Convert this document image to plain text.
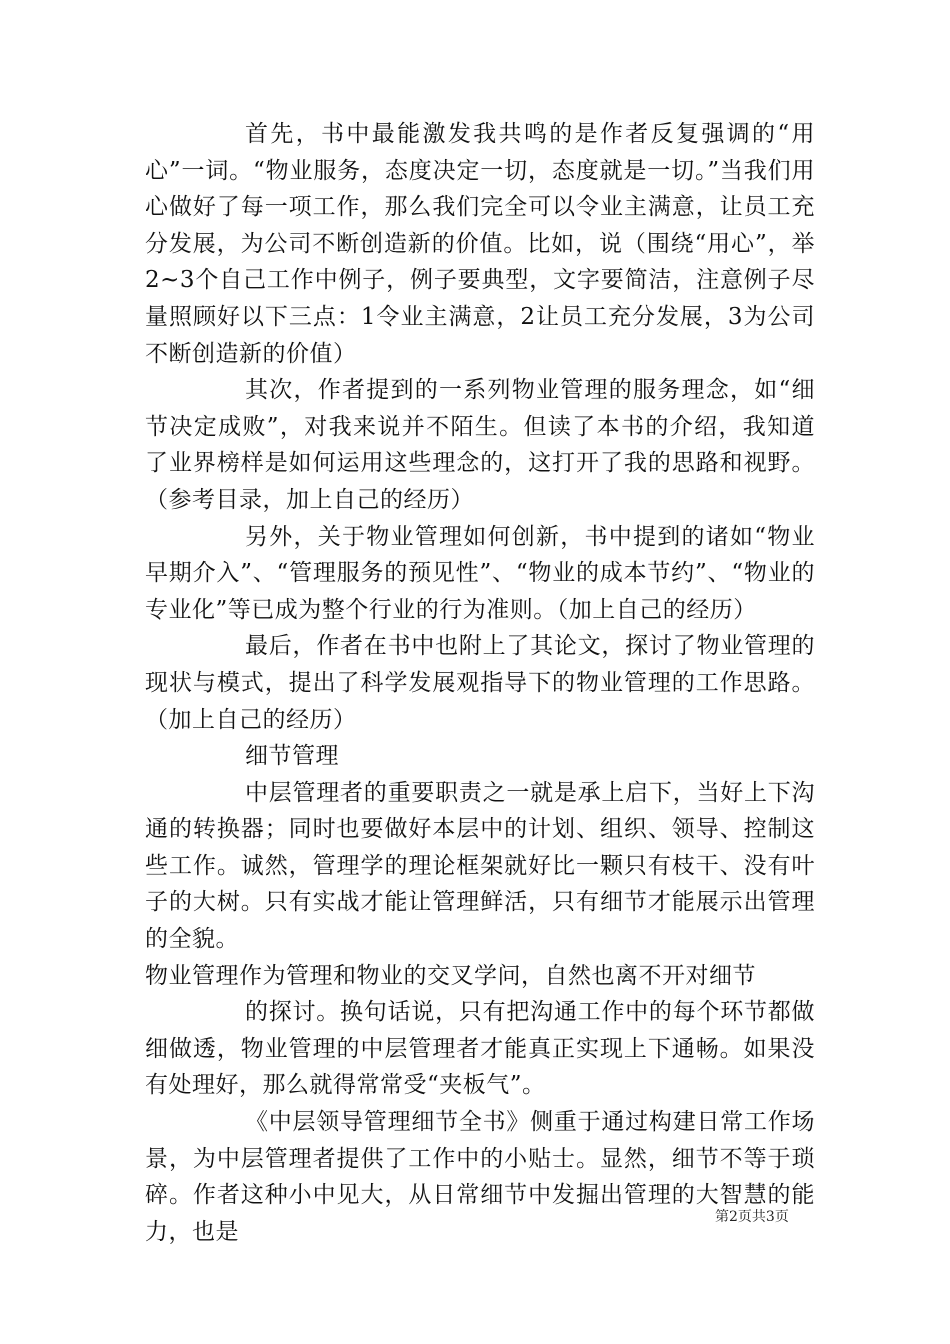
首先，书中最能激发我共鸣的是作者反复强调的“用心”一词。“物业服务，态度决定一切，态度就是一切。”当我们用心做好了每一项工作，那么我们完全可以令业主满意，让员工充分发展，为公司不断创造新的价值。比如，说（围绕“用心”，举2~3个自己工作中例子，例子要典型，文字要简洁，注意例子尽量照顾好以下三点：1令业主满意，2让员工充分发展，3为公司不断创造新的价值）

其次，作者提到的一系列物业管理的服务理念，如“细节决定成败”，对我来说并不陌生。但读了本书的介绍，我知道了业界榜样是如何运用这些理念的，这打开了我的思路和视野。（参考目录，加上自己的经历）

另外，关于物业管理如何创新，书中提到的诸如“物业早期介入”、“管理服务的预见性”、“物业的成本节约”、“物业的专业化”等已成为整个行业的行为准则。（加上自己的经历）

最后，作者在书中也附上了其论文，探讨了物业管理的现状与模式，提出了科学发展观指导下的物业管理的工作思路。（加上自己的经历）

细节管理

中层管理者的重要职责之一就是承上启下，当好上下沟通的转换器；同时也要做好本层中的计划、组织、领导、控制这些工作。诚然，管理学的理论框架就好比一颗只有枝干、没有叶子的大树。只有实战才能让管理鲜活，只有细节才能展示出管理的全貌。

物业管理作为管理和物业的交叉学问，自然也离不开对细节

的探讨。换句话说，只有把沟通工作中的每个环节都做细做透，物业管理的中层管理者才能真正实现上下通畅。如果没有处理好，那么就得常常受“夹板气”。

《中层领导管理细节全书》侧重于通过构建日常工作场景，为中层管理者提供了工作中的小贴士。显然，细节不等于琐碎。作者这种小中见大，从日常细节中发掘出管理的大智慧的能力，也是

第2页共3页
